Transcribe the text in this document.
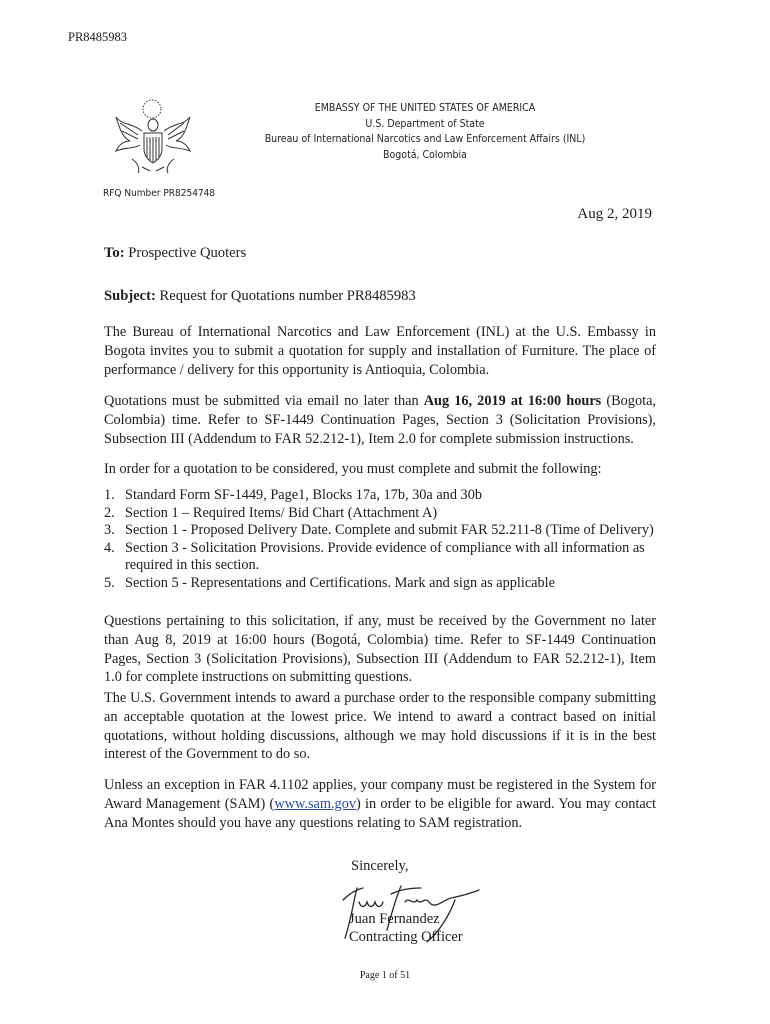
PR8485983
EMBASSY OF THE UNITED STATES OF AMERICA
U.S. Department of State
Bureau of International Narcotics and Law Enforcement Affairs (INL)
Bogotá, Colombia
RFQ Number PR8254748
Aug 2, 2019
To: Prospective Quoters
Subject: Request for Quotations number PR8485983
The Bureau of International Narcotics and Law Enforcement (INL) at the U.S. Embassy in Bogota invites you to submit a quotation for supply and installation of Furniture. The place of performance / delivery for this opportunity is Antioquia, Colombia.
Quotations must be submitted via email no later than Aug 16, 2019 at 16:00 hours (Bogota, Colombia) time. Refer to SF-1449 Continuation Pages, Section 3 (Solicitation Provisions), Subsection III (Addendum to FAR 52.212-1), Item 2.0 for complete submission instructions.
In order for a quotation to be considered, you must complete and submit the following:
1. Standard Form SF-1449, Page1, Blocks 17a, 17b, 30a and 30b
2. Section 1 – Required Items/ Bid Chart (Attachment A)
3. Section 1 - Proposed Delivery Date. Complete and submit FAR 52.211-8 (Time of Delivery)
4. Section 3 - Solicitation Provisions. Provide evidence of compliance with all information as required in this section.
5. Section 5 - Representations and Certifications. Mark and sign as applicable
Questions pertaining to this solicitation, if any, must be received by the Government no later than Aug 8, 2019 at 16:00 hours (Bogotá, Colombia) time. Refer to SF-1449 Continuation Pages, Section 3 (Solicitation Provisions), Subsection III (Addendum to FAR 52.212-1), Item 1.0 for complete instructions on submitting questions.
The U.S. Government intends to award a purchase order to the responsible company submitting an acceptable quotation at the lowest price. We intend to award a contract based on initial quotations, without holding discussions, although we may hold discussions if it is in the best interest of the Government to do so.
Unless an exception in FAR 4.1102 applies, your company must be registered in the System for Award Management (SAM) (www.sam.gov) in order to be eligible for award. You may contact Ana Montes should you have any questions relating to SAM registration.
Sincerely,
Juan Fernandez
Contracting Officer
Page 1 of 51
